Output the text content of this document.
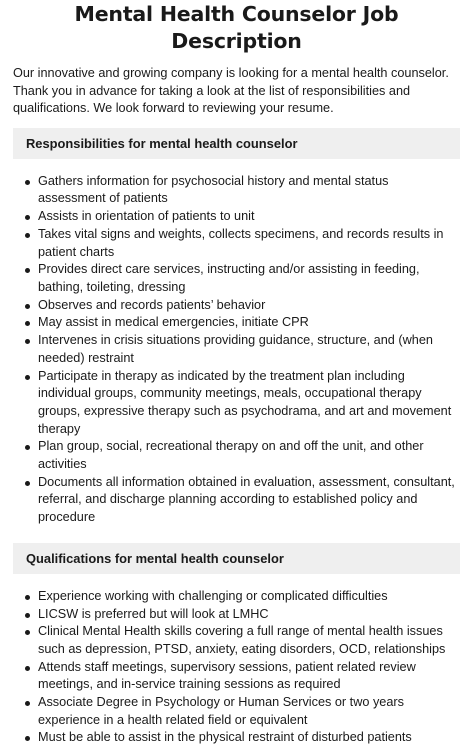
Mental Health Counselor Job Description

Our innovative and growing company is looking for a mental health counselor. Thank you in advance for taking a look at the list of responsibilities and qualifications. We look forward to reviewing your resume.

Responsibilities for mental health counselor
Gathers information for psychosocial history and mental status assessment of patients
Assists in orientation of patients to unit
Takes vital signs and weights, collects specimens, and records results in patient charts
Provides direct care services, instructing and/or assisting in feeding, bathing, toileting, dressing
Observes and records patients’ behavior
May assist in medical emergencies, initiate CPR
Intervenes in crisis situations providing guidance, structure, and (when needed) restraint
Participate in therapy as indicated by the treatment plan including individual groups, community meetings, meals, occupational therapy groups, expressive therapy such as psychodrama, and art and movement therapy
Plan group, social, recreational therapy on and off the unit, and other activities
Documents all information obtained in evaluation, assessment, consultant, referral, and discharge planning according to established policy and procedure
Qualifications for mental health counselor
Experience working with challenging or complicated difficulties
LICSW is preferred but will look at LMHC
Clinical Mental Health skills covering a full range of mental health issues such as depression, PTSD, anxiety, eating disorders, OCD, relationships
Attends staff meetings, supervisory sessions, patient related review meetings, and in-service training sessions as required
Associate Degree in Psychology or Human Services or two years experience in a health related field or equivalent
Must be able to assist in the physical restraint of disturbed patients
